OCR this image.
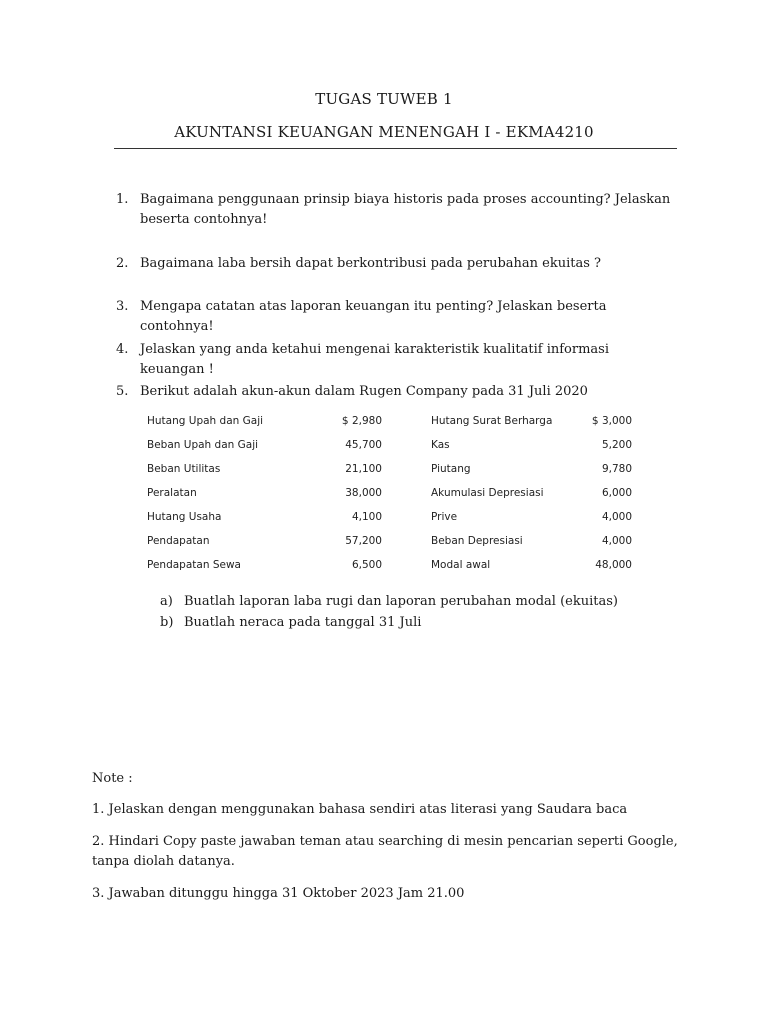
TUGAS TUWEB 1
AKUNTANSI KEUANGAN MENENGAH I - EKMA4210
1. Bagaimana penggunaan prinsip biaya historis pada proses accounting? Jelaskan beserta contohnya!
2. Bagaimana laba bersih dapat berkontribusi pada perubahan ekuitas ?
3. Mengapa catatan atas laporan keuangan itu penting? Jelaskan beserta contohnya!
4. Jelaskan yang anda ketahui mengenai karakteristik kualitatif informasi keuangan !
5. Berikut adalah akun-akun dalam Rugen Company pada 31 Juli 2020
Hutang Upah dan Gaji	$ 2,980	Hutang Surat Berharga	$ 3,000
Beban Upah dan Gaji	45,700	Kas	5,200
Beban Utilitas	21,100	Piutang	9,780
Peralatan	38,000	Akumulasi Depresiasi	6,000
Hutang Usaha	4,100	Prive	4,000
Pendapatan	57,200	Beban Depresiasi	4,000
Pendapatan Sewa	6,500	Modal awal	48,000
a) Buatlah laporan laba rugi dan laporan perubahan modal (ekuitas)
b) Buatlah neraca pada tanggal 31 Juli
Note :
1. Jelaskan dengan menggunakan bahasa sendiri atas literasi yang Saudara baca
2. Hindari Copy paste jawaban teman atau searching di mesin pencarian seperti Google, tanpa diolah datanya.
3. Jawaban ditunggu hingga 31 Oktober 2023 Jam 21.00
